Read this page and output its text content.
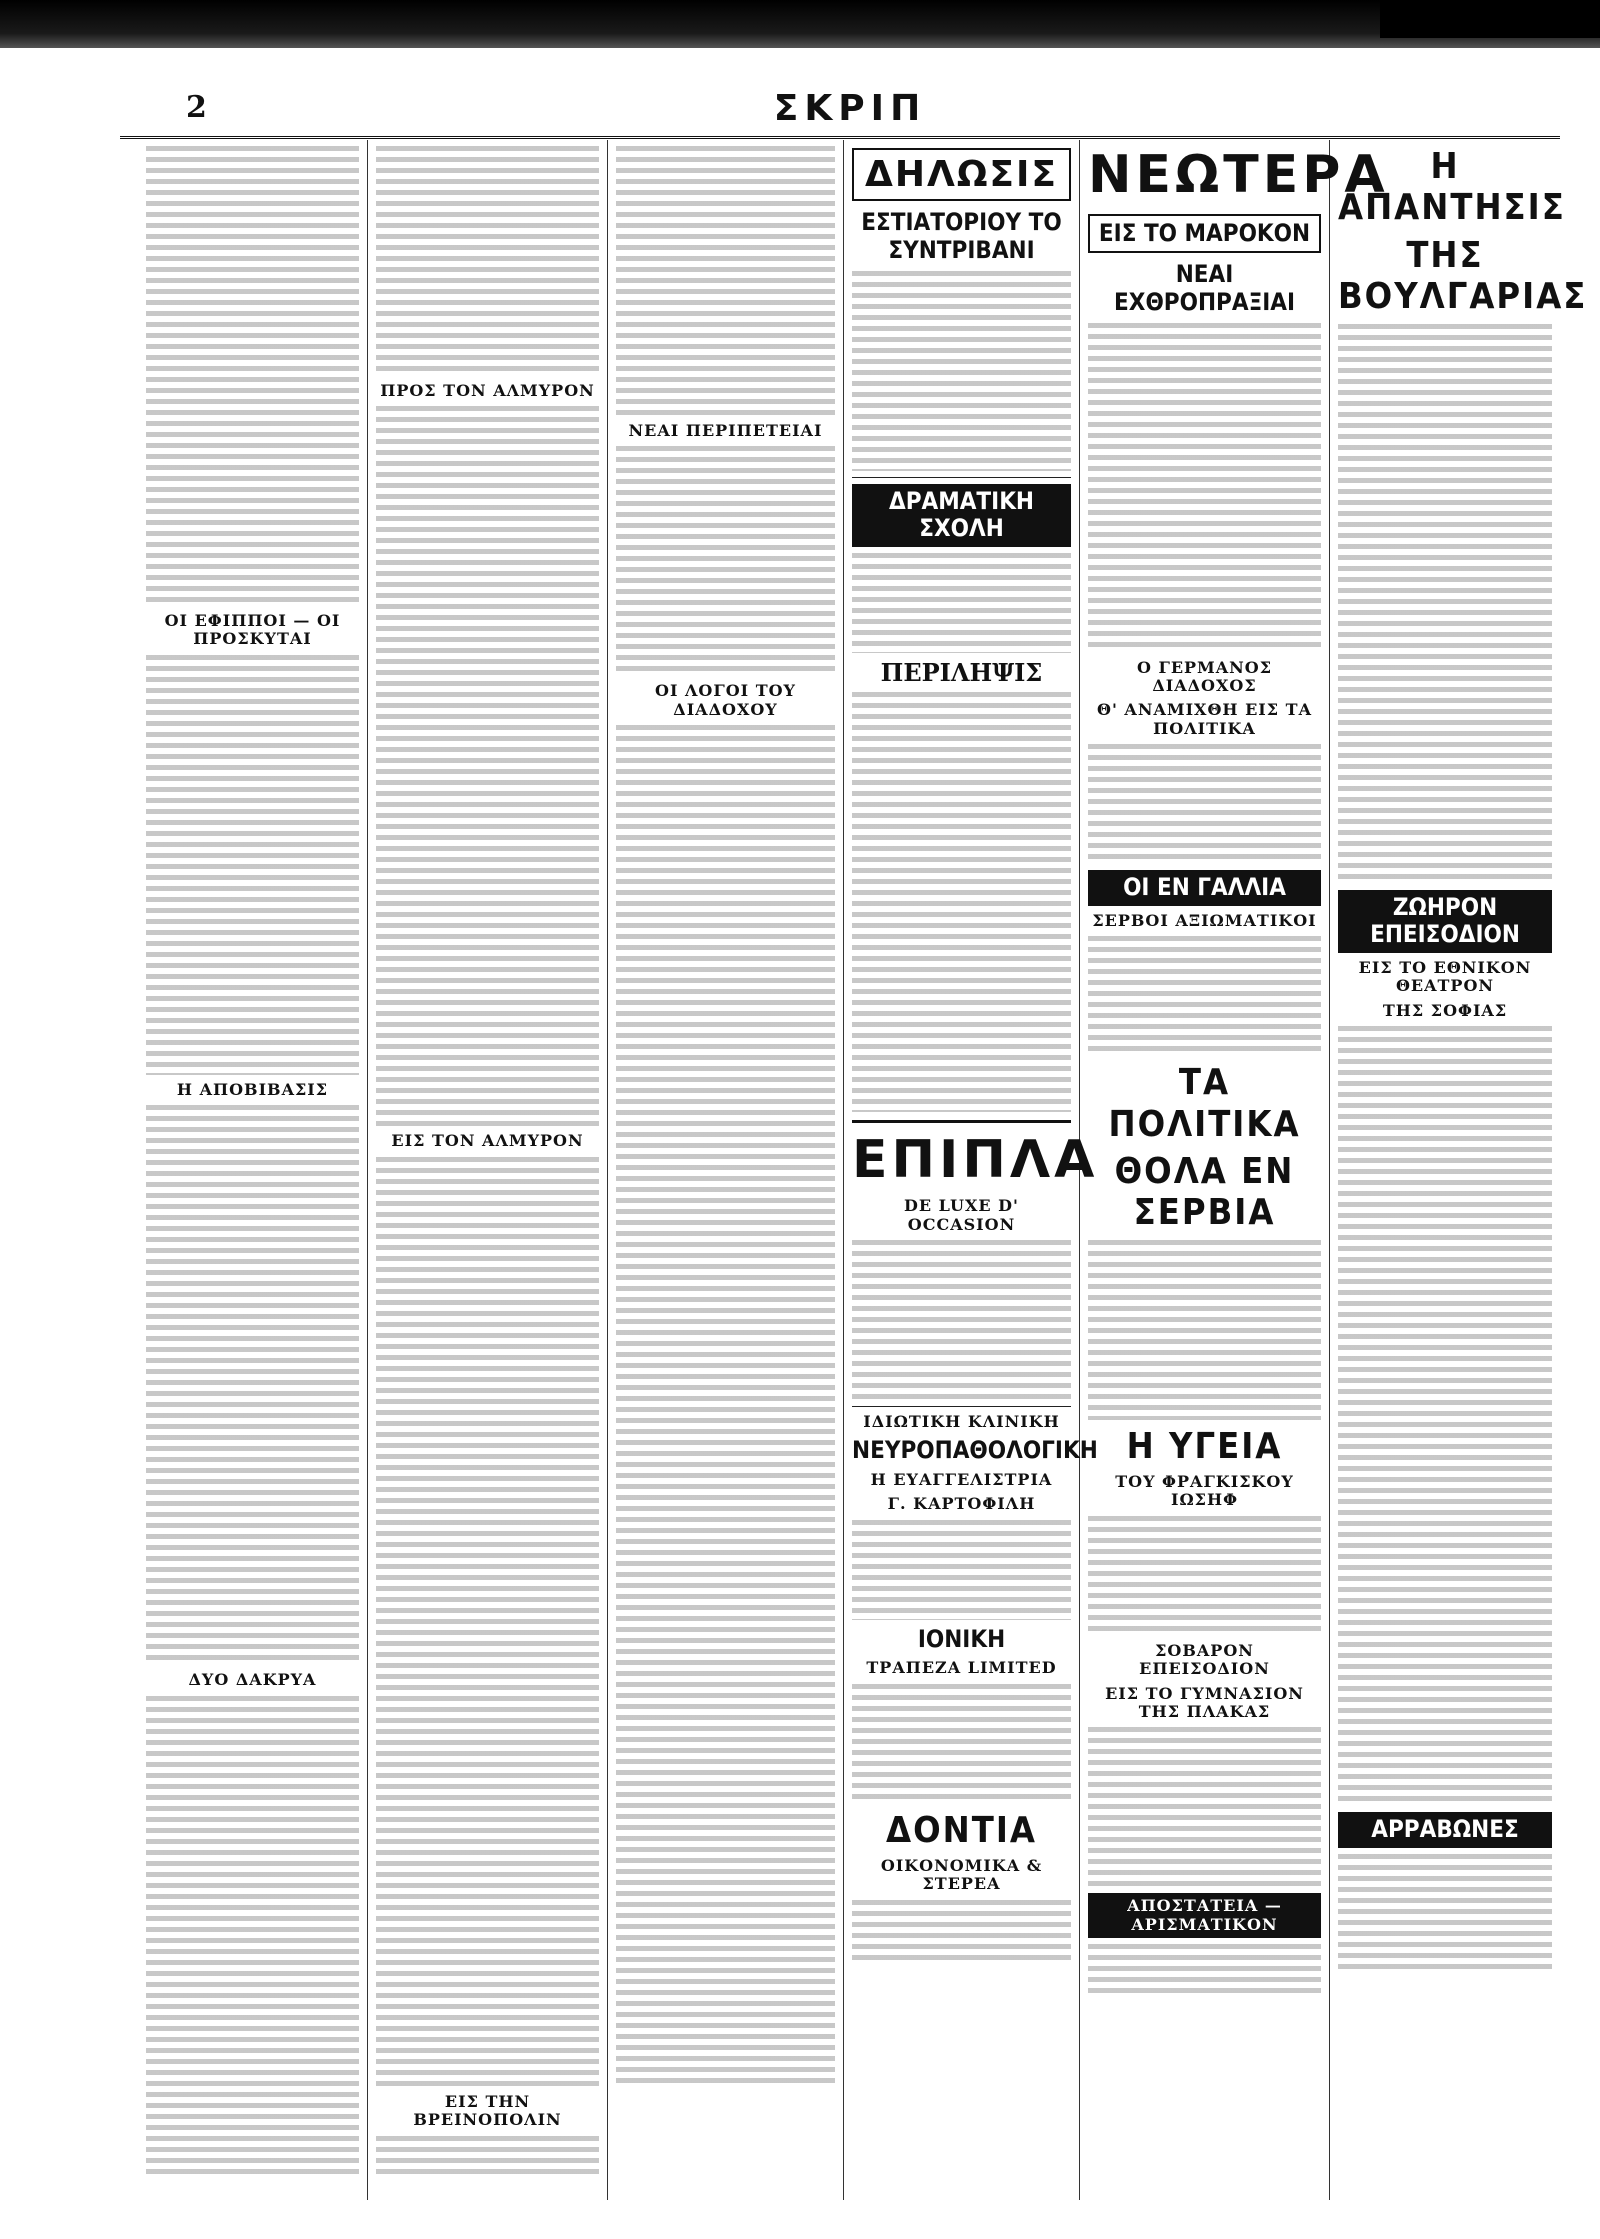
2	ΣΚΡΙΠ
ΟΙ ΕΦΙΠΠΟΙ — ΟΙ ΠΡΟΣΚΥΤΑΙ
Η ΑΠΟΒΙΒΑΣΙΣ
ΔΥΟ ΔΑΚΡΥΑ
ΠΡΟΣ ΤΟΝ ΑΛΜΥΡΟΝ
ΕΙΣ ΤΟΝ ΑΛΜΥΡΟΝ
ΕΙΣ ΤΗΝ ΒΡΕΙΝΟΠΟΛΙΝ
ΝΕΑΙ ΠΕΡΙΠΕΤΕΙΑΙ
ΟΙ ΛΟΓΟΙ ΤΟΥ ΔΙΑΔΟΧΟΥ
ΔΗΛΩΣΙΣ
ΕΣΤΙΑΤΟΡΙΟΥ ΤΟ ΣΥΝΤΡΙΒΑΝΙ
ΔΡΑΜΑΤΙΚΗ ΣΧΟΛΗ
ΠΕΡΙΛΗΨΙΣ
ΕΠΙΠΛΑ
DE LUXE D' OCCASION
ΙΔΙΩΤΙΚΗ ΚΛΙΝΙΚΗ
ΝΕΥΡΟΠΑΘΟΛΟΓΙΚΗ
Η ΕΥΑΓΓΕΛΙΣΤΡΙΑ
Γ. ΚΑΡΤΟΦΙΛΗ
ΙΟΝΙΚΗ
ΤΡΑΠΕΖΑ LIMITED
ΔΟΝΤΙΑ
ΟΙΚΟΝΟΜΙΚΑ & ΣΤΕΡΕΑ
ΝΕΩΤΕΡΑ
ΕΙΣ ΤΟ ΜΑΡΟΚΟΝ
ΝΕΑΙ ΕΧΘΡΟΠΡΑΞΙΑΙ
Ο ΓΕΡΜΑΝΟΣ ΔΙΑΔΟΧΟΣ
Θ' ΑΝΑΜΙΧΘΗ ΕΙΣ ΤΑ ΠΟΛΙΤΙΚΑ
ΟΙ ΕΝ ΓΑΛΛΙΑ
ΣΕΡΒΟΙ ΑΞΙΩΜΑΤΙΚΟΙ
ΤΑ ΠΟΛΙΤΙΚΑ
ΘΟΛΑ ΕΝ ΣΕΡΒΙΑ
Η ΥΓΕΙΑ
ΤΟΥ ΦΡΑΓΚΙΣΚΟΥ ΙΩΣΗΦ
ΣΟΒΑΡΟΝ ΕΠΕΙΣΟΔΙΟΝ
ΕΙΣ ΤΟ ΓΥΜΝΑΣΙΟΝ ΤΗΣ ΠΛΑΚΑΣ
ΑΠΟΣΤΑΤΕΙΑ — ΑΡΙΣΜΑΤΙΚΟΝ
Η ΑΠΑΝΤΗΣΙΣ
ΤΗΣ ΒΟΥΛΓΑΡΙΑΣ
ΖΩΗΡΟΝ ΕΠΕΙΣΟΔΙΟΝ
ΕΙΣ ΤΟ ΕΘΝΙΚΟΝ ΘΕΑΤΡΟΝ
ΤΗΣ ΣΟΦΙΑΣ
ΑΡΡΑΒΩΝΕΣ
